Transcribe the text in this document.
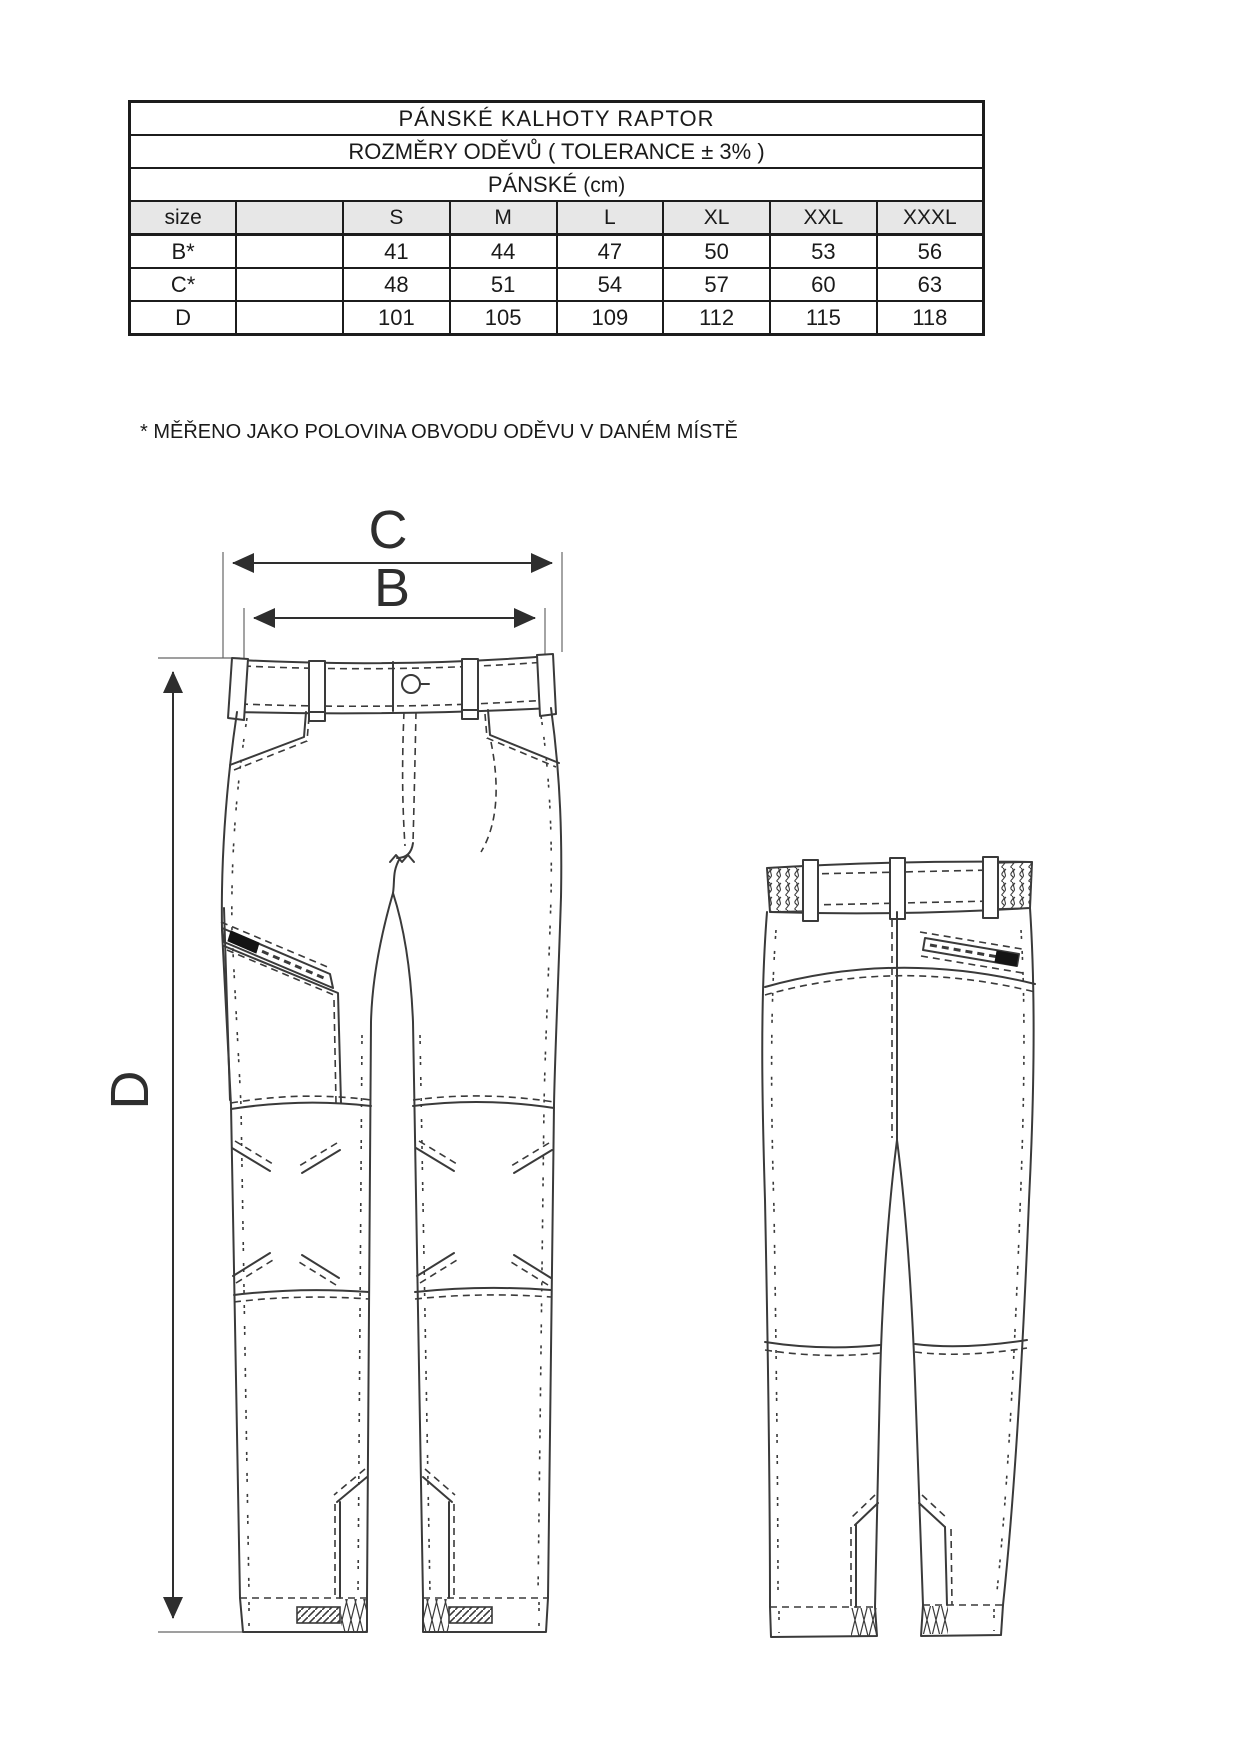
PÁNSKÉ KALHOTY RAPTOR							
ROZMĚRY ODĚVŮ ( TOLERANCE ± 3% )							
PÁNSKÉ (cm)							
size		S	M	L	XL	XXL	XXXL
B*		41	44	47	50	53	56
C*		48	51	54	57	60	63
D		101	105	109	112	115	118
* MĚŘENO JAKO POLOVINA OBVODU ODĚVU V DANÉM MÍSTĚ
C
B
D
